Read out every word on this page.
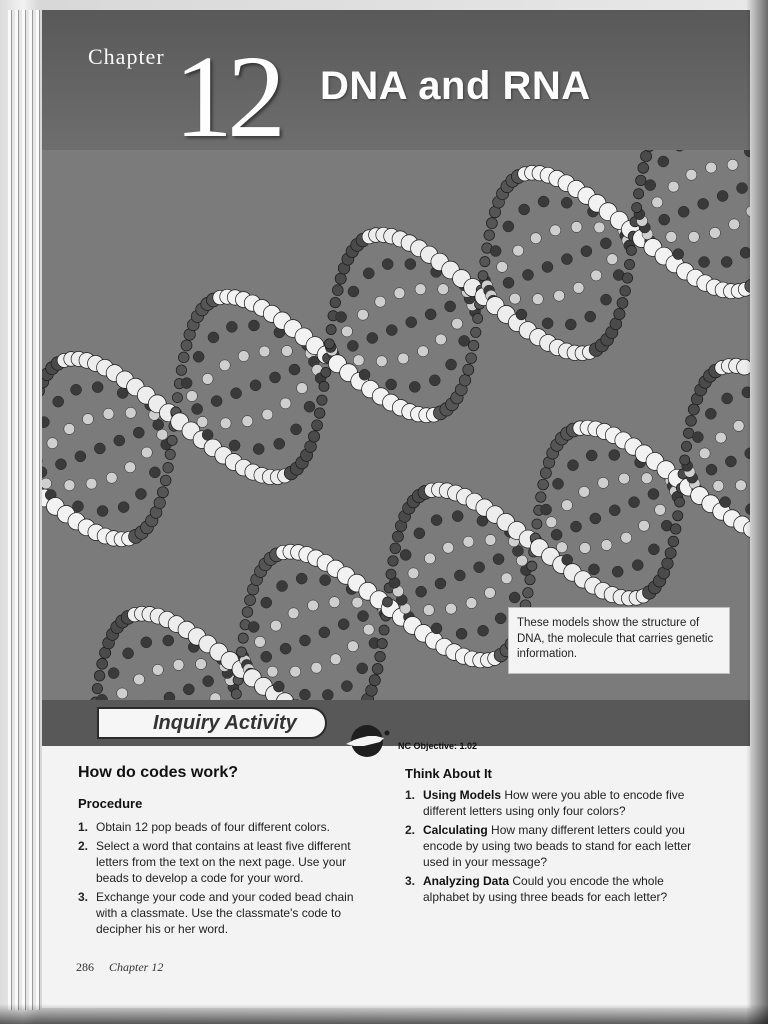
Chapter 12 DNA and RNA
These models show the structure of DNA, the molecule that carries genetic information.
Inquiry Activity
NC Objective: 1.02
How do codes work?
Procedure
1. Obtain 12 pop beads of four different colors.
2. Select a word that contains at least five different letters from the text on the next page. Use your beads to develop a code for your word.
3. Exchange your code and your coded bead chain with a classmate. Use the classmate's code to decipher his or her word.
Think About It
1. Using Models How were you able to encode five different letters using only four colors?
2. Calculating How many different letters could you encode by using two beads to stand for each letter used in your message?
3. Analyzing Data Could you encode the whole alphabet by using three beads for each letter?
286 Chapter 12
